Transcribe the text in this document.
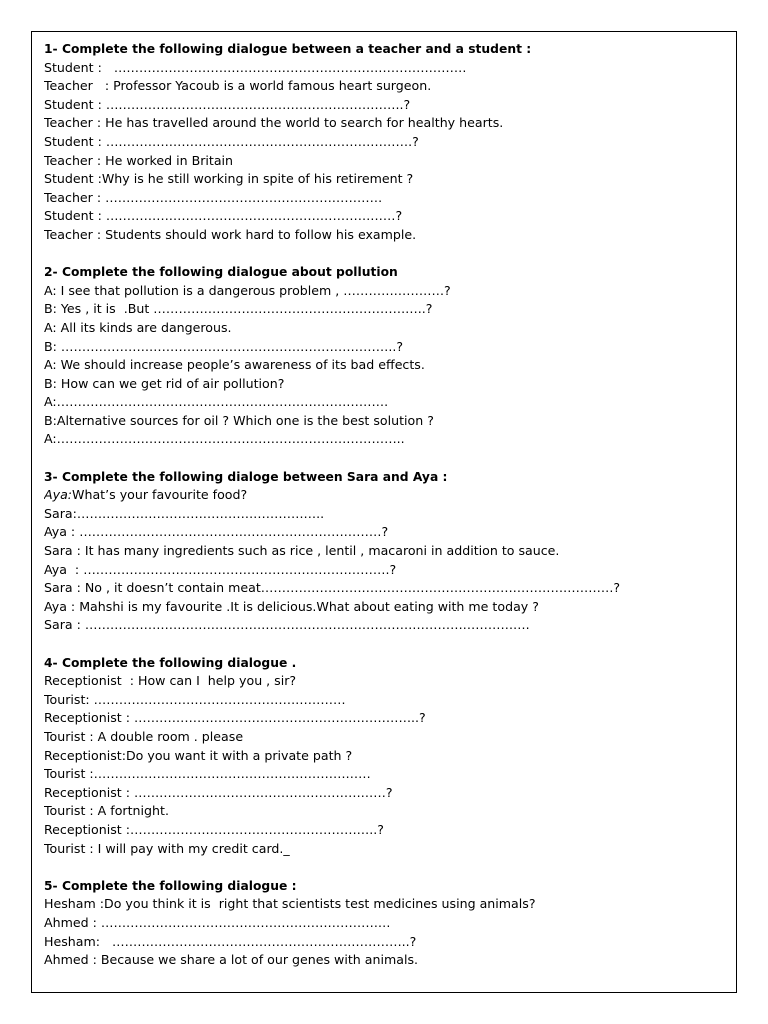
1- Complete the following dialogue between a teacher and a student :
Student :   …………………………………………………………………………
Teacher   : Professor Yacoub is a world famous heart surgeon.
Student : ……………………………………………………………..?
Teacher : He has travelled around the world to search for healthy hearts.
Student : ……………………………………………………………….?
Teacher : He worked in Britain
Student :Why is he still working in spite of his retirement ?
Teacher : …………………………………………………………
Student : ……………………………………………………………?
Teacher : Students should work hard to follow his example.
2- Complete the following dialogue about pollution
A: I see that pollution is a dangerous problem , ……………………?
B: Yes , it is  .But ………………………………………………………..?
A: All its kinds are dangerous.
B: ……………………………………………………………………..?
A: We should increase people’s awareness of its bad effects.
B: How can we get rid of air pollution?
A:…………………………………………………………………….
B:Alternative sources for oil ? Which one is the best solution ?
A:………………………………………………………………………..
3- Complete the following dialoge between Sara and Aya :
Aya:What’s your favourite food?
Sara:…………………………………………………..
Aya : ………………………………………………………………?
Sara : It has many ingredients such as rice , lentil , macaroni in addition to sauce.
Aya  : ……………………………………………………………….?
Sara : No , it doesn’t contain meat…………………………………………………………………………?
Aya : Mahshi is my favourite .It is delicious.What about eating with me today ?
Sara : …………………………………………………………………………………………….
4- Complete the following dialogue .
Receptionist  : How can I  help you , sir?
Tourist: ……………………………………………………
Receptionist : …………………………………………………………..?
Tourist : A double room . please
Receptionist:Do you want it with a private path ?
Tourist :…………………………………………………………
Receptionist : ……………………………………………………?
Tourist : A fortnight.
Receptionist :…………………………………………………..?
Tourist : I will pay with my credit card._
5- Complete the following dialogue :
Hesham :Do you think it is  right that scientists test medicines using animals?
Ahmed : ……………………………………………………………
Hesham:   ……………………………………………………………..?
Ahmed : Because we share a lot of our genes with animals.
